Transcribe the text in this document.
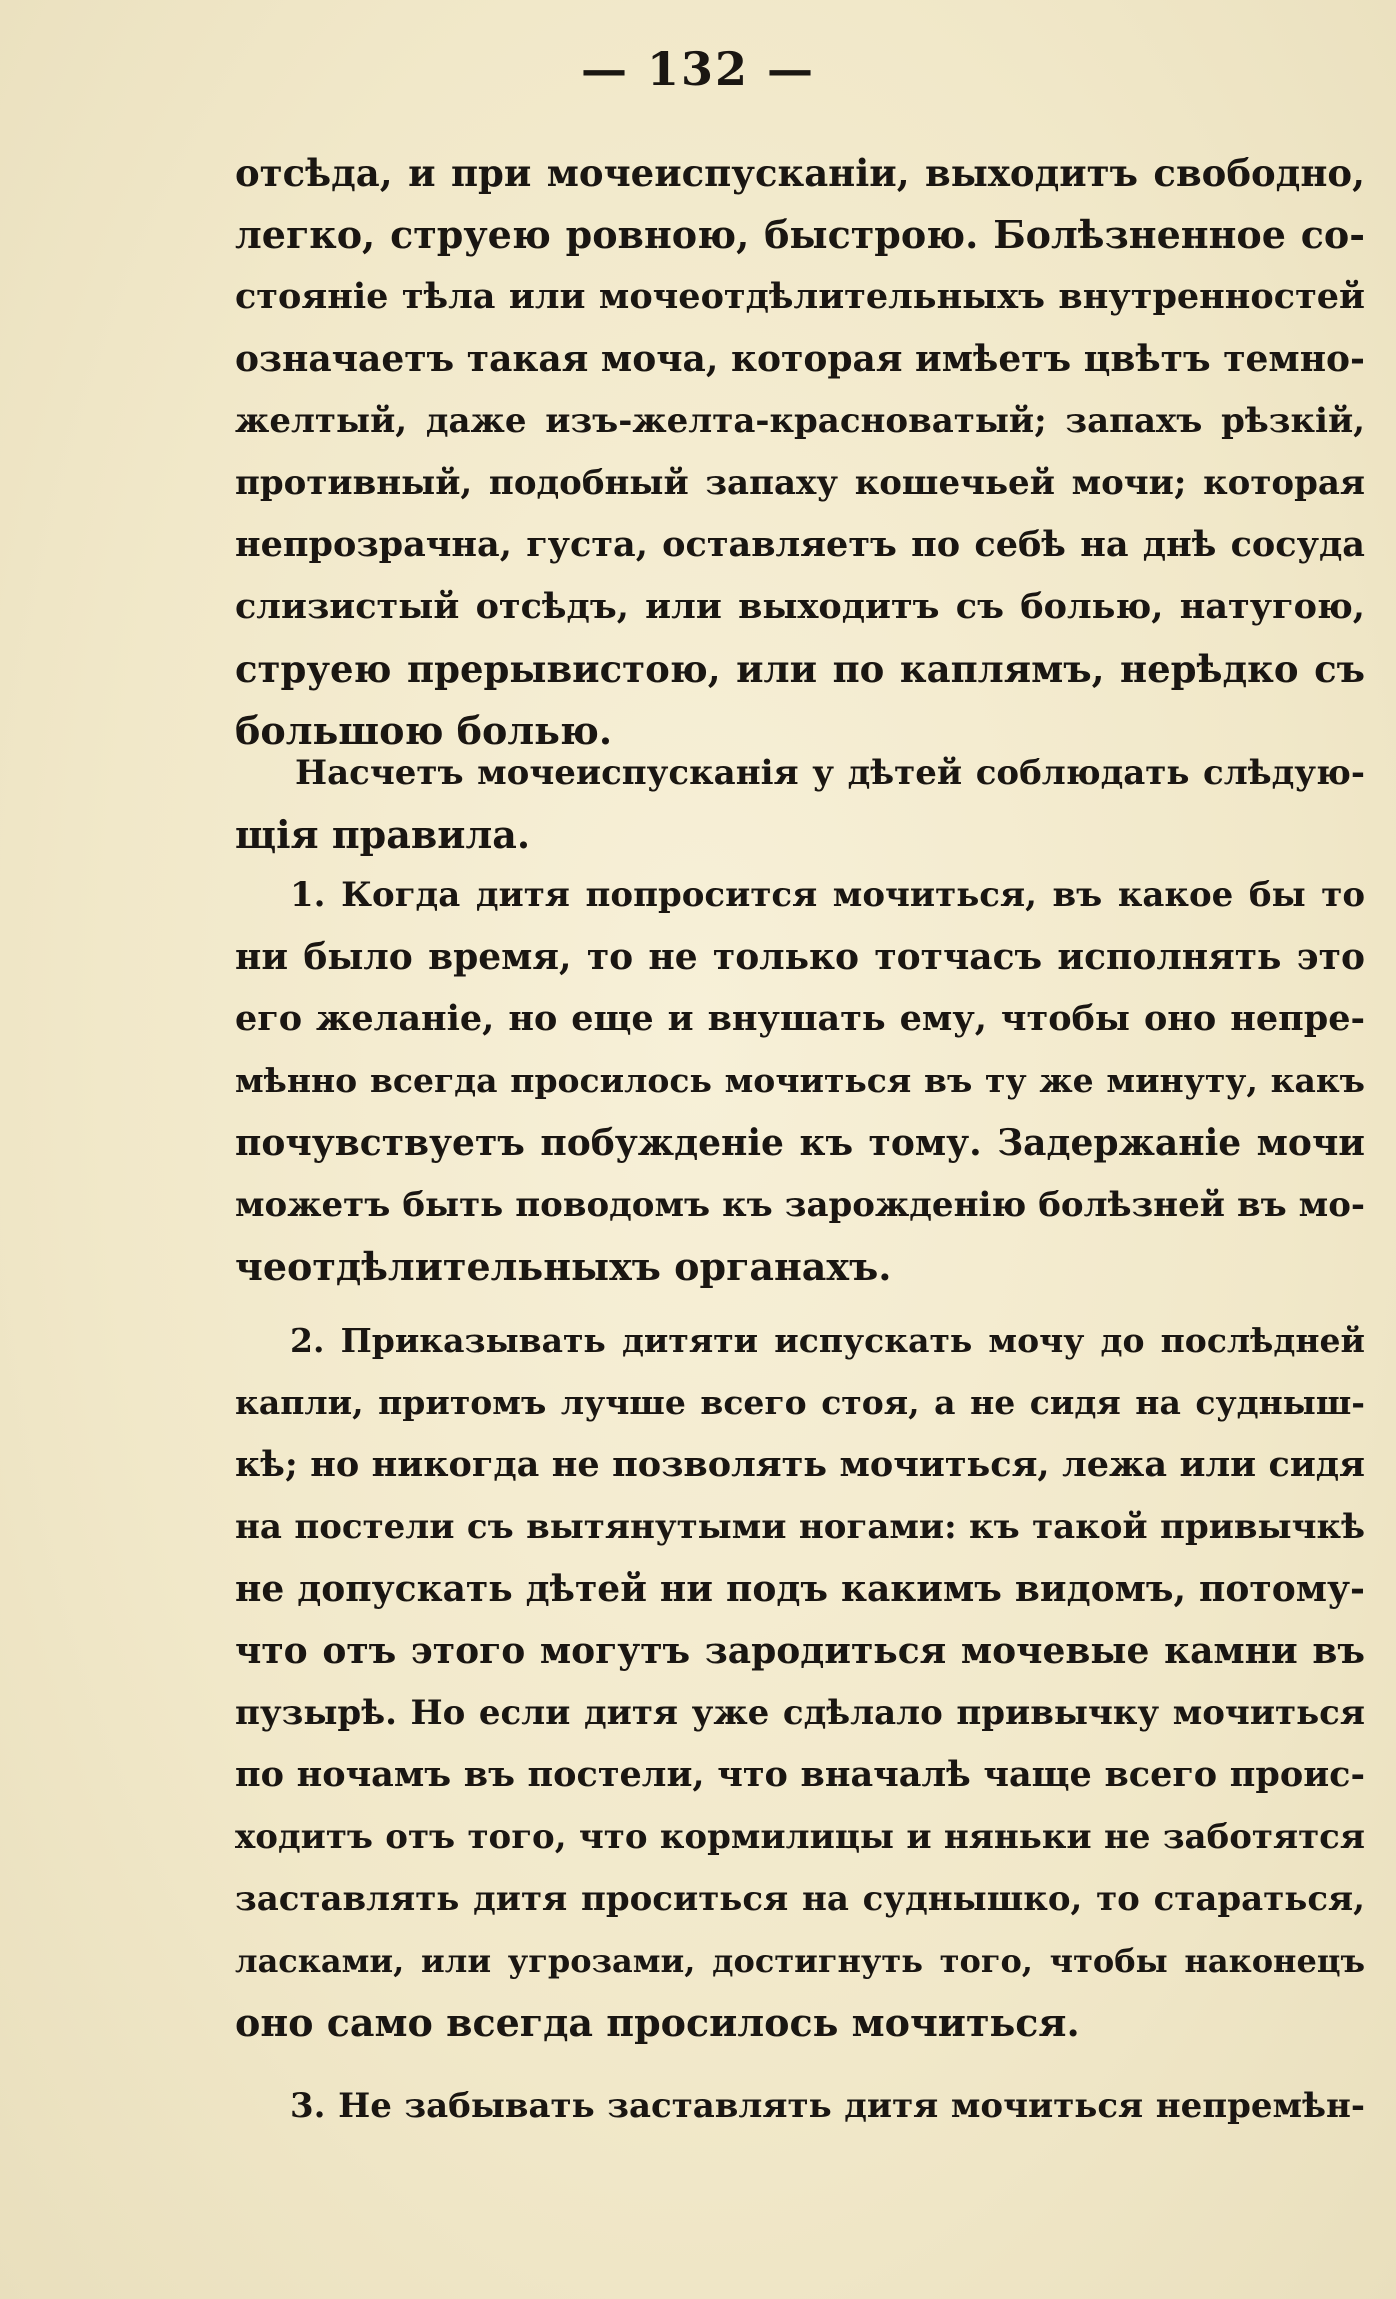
— 132 —
отсѣда, и при мочеиспусканіи, выходитъ свободно,
легко, струею ровною, быстрою. Болѣзненное со-
стояніе тѣла или мочеотдѣлительныхъ внутренностей
означаетъ такая моча, которая имѣетъ цвѣтъ темно-
желтый, даже изъ-желта-красноватый; запахъ рѣзкій,
противный, подобный запаху кошечьей мочи; которая
непрозрачна, густа, оставляетъ по себѣ на днѣ сосуда
слизистый отсѣдъ, или выходитъ съ болью, натугою,
струею прерывистою, или по каплямъ, нерѣдко съ
большою болью.
Насчетъ мочеиспусканія у дѣтей соблюдать слѣдую-
щія правила.
1. Когда дитя попросится мочиться, въ какое бы то
ни было время, то не только тотчасъ исполнять это
его желаніе, но еще и внушать ему, чтобы оно непре-
мѣнно всегда просилось мочиться въ ту же минуту, какъ
почувствуетъ побужденіе къ тому. Задержаніе мочи
можетъ быть поводомъ къ зарожденію болѣзней въ мо-
чеотдѣлительныхъ органахъ.
2. Приказывать дитяти испускать мочу до послѣдней
капли, притомъ лучше всего стоя, а не сидя на судныш-
кѣ; но никогда не позволять мочиться, лежа или сидя
на постели съ вытянутыми ногами: къ такой привычкѣ
не допускать дѣтей ни подъ какимъ видомъ, потому-
что отъ этого могутъ зародиться мочевые камни въ
пузырѣ. Но если дитя уже сдѣлало привычку мочиться
по ночамъ въ постели, что вначалѣ чаще всего проис-
ходитъ отъ того, что кормилицы и няньки не заботятся
заставлять дитя проситься на суднышко, то стараться,
ласками, или угрозами, достигнуть того, чтобы наконецъ
оно само всегда просилось мочиться.
3. Не забывать заставлять дитя мочиться непремѣн-
